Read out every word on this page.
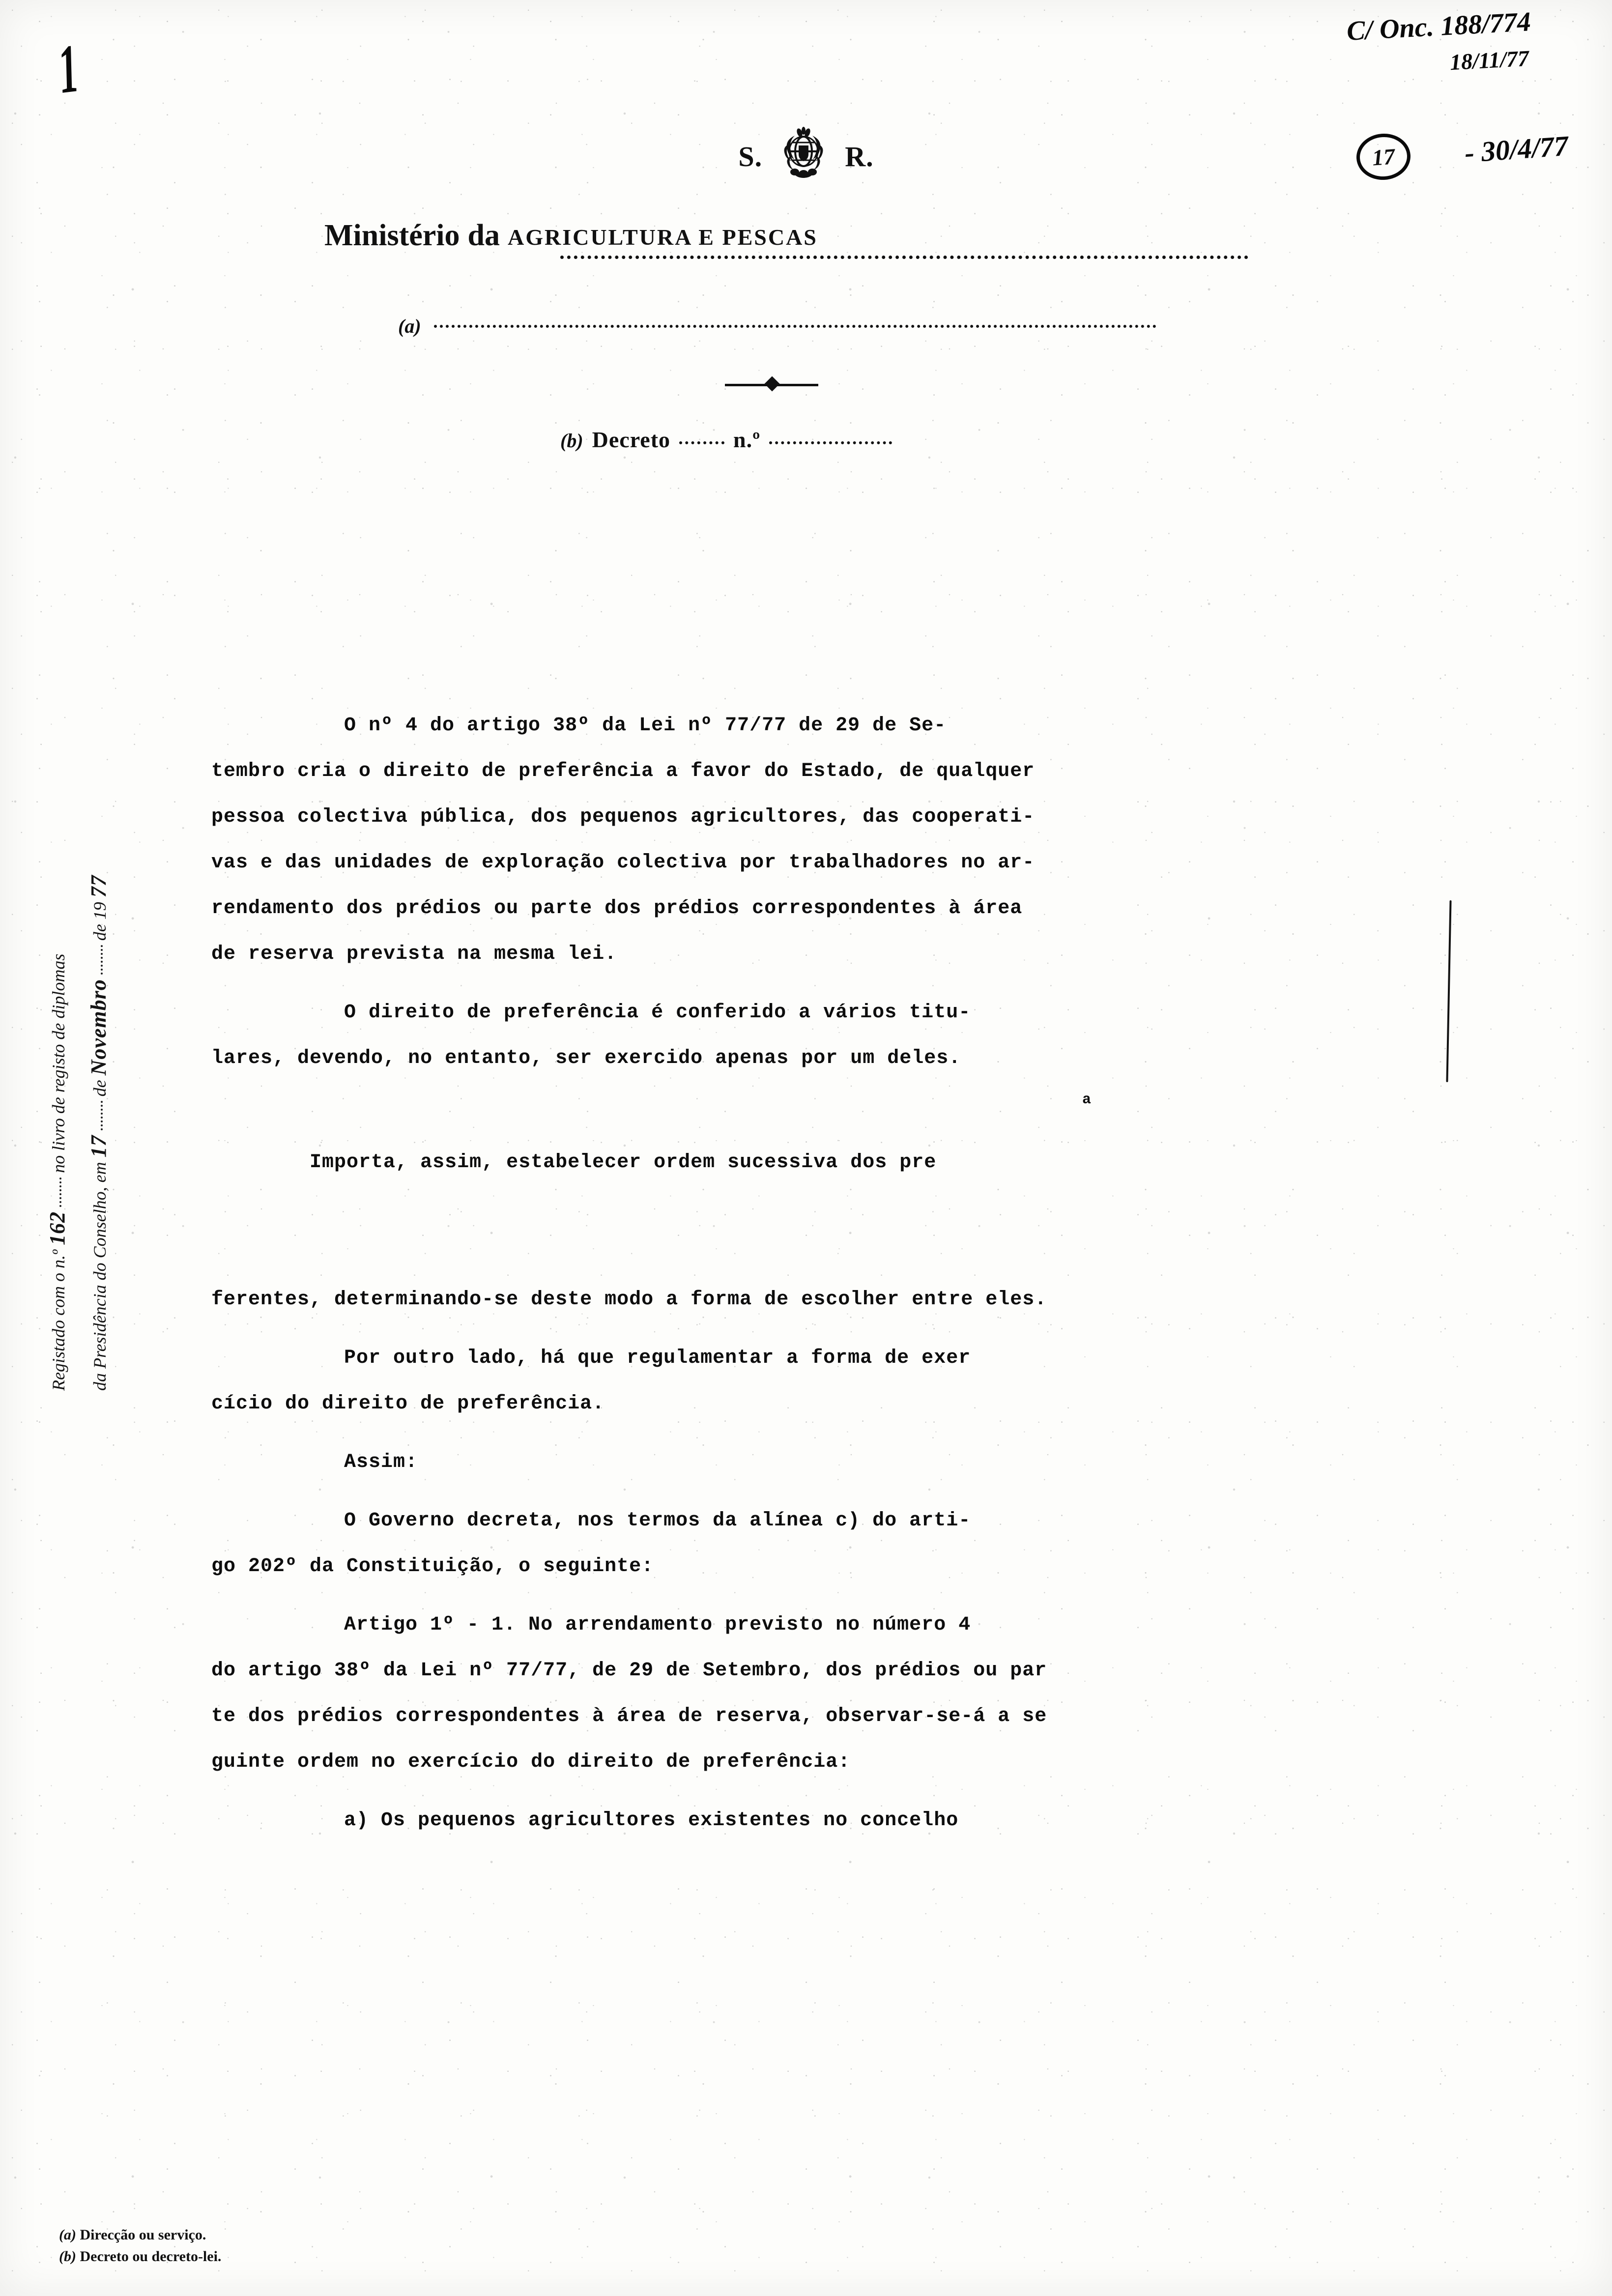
1
C/ Onc. 188/774
18/11/77
17	- 30/4/77
S.	R.
Ministério da AGRICULTURA E PESCAS
(a)
(b) Decreto	n.º
Registado com o n.º 162  no livro de registo de diplomas
da Presidência do Conselho, em 17  de Novembro  de 19 77
O nº 4 do artigo 38º da Lei nº 77/77 de 29 de Se-
tembro cria o direito de preferência a favor do Estado, de qualquer
pessoa colectiva pública, dos pequenos agricultores, das cooperati-
vas e das unidades de exploração colectiva por trabalhadores no ar-
rendamento dos prédios ou parte dos prédios correspondentes à área
de reserva prevista na mesma lei.
O direito de preferência é conferido a vários titu-
lares, devendo, no entanto, ser exercido apenas por um deles.

Importa, assim, estabelecer ordem sucessiva dos pre

a

ferentes, determinando-se deste modo a forma de escolher entre eles.
Por outro lado, há que regulamentar a forma de exer
cício do direito de preferência.
Assim:
O Governo decreta, nos termos da alínea c) do arti-
go 202º da Constituição, o seguinte:
Artigo 1º - 1. No arrendamento previsto no número 4
do artigo 38º da Lei nº 77/77, de 29 de Setembro, dos prédios ou par
te dos prédios correspondentes à área de reserva, observar-se-á a se
guinte ordem no exercício do direito de preferência:
a) Os pequenos agricultores existentes no concelho
(a) Direcção ou serviço.
(b) Decreto ou decreto-lei.
